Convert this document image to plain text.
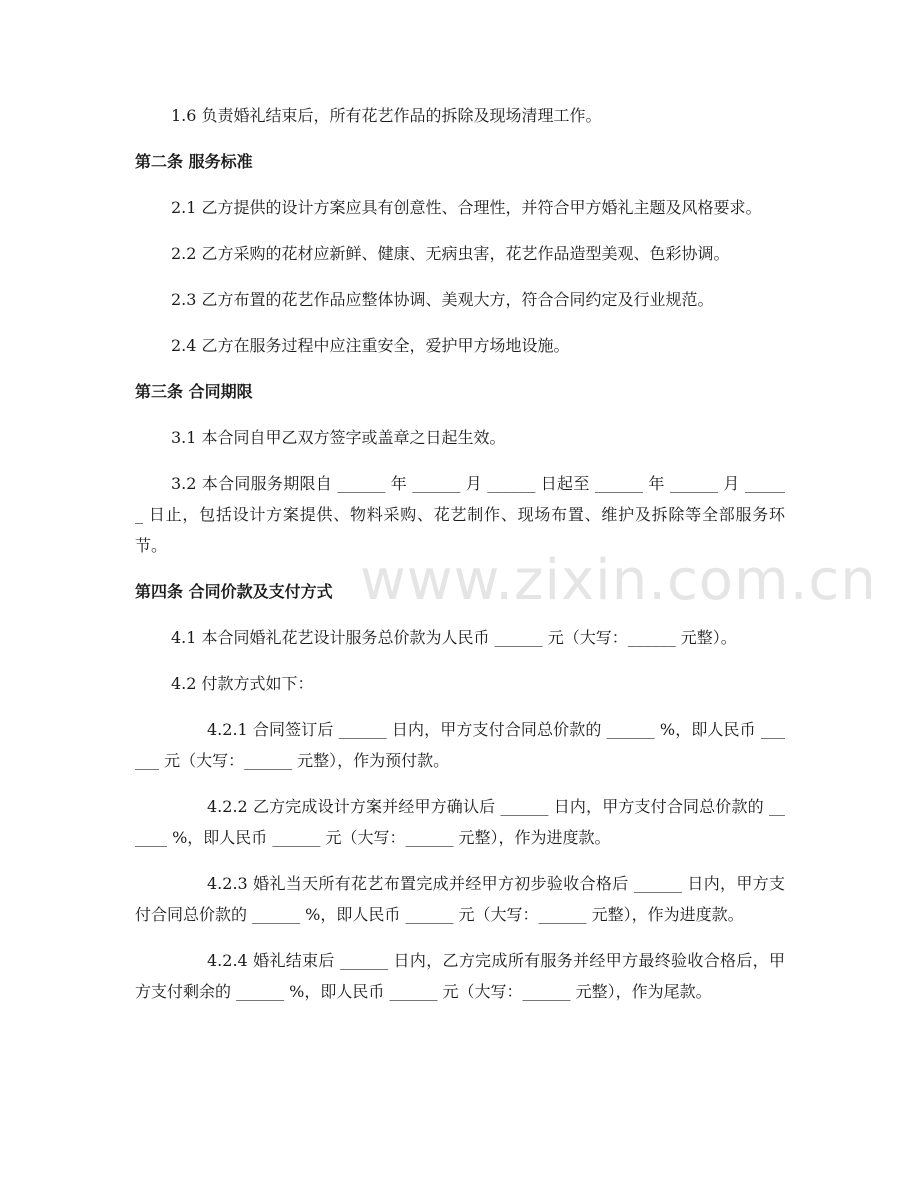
1.6 负责婚礼结束后，所有花艺作品的拆除及现场清理工作。

第二条 服务标准

2.1 乙方提供的设计方案应具有创意性、合理性，并符合甲方婚礼主题及风格要求。

2.2 乙方采购的花材应新鲜、健康、无病虫害，花艺作品造型美观、色彩协调。

2.3 乙方布置的花艺作品应整体协调、美观大方，符合合同约定及行业规范。

2.4 乙方在服务过程中应注重安全，爱护甲方场地设施。

第三条 合同期限

3.1 本合同自甲乙双方签字或盖章之日起生效。

3.2 本合同服务期限自 ______ 年 ______ 月 ______ 日起至 ______ 年 ______ 月 ______ 日止，包括设计方案提供、物料采购、花艺制作、现场布置、维护及拆除等全部服务环节。

第四条 合同价款及支付方式

4.1 本合同婚礼花艺设计服务总价款为人民币 ______ 元（大写：______ 元整）。

4.2 付款方式如下：

4.2.1 合同签订后 ______ 日内，甲方支付合同总价款的 ______ %，即人民币 ______ 元（大写：______ 元整），作为预付款。

4.2.2 乙方完成设计方案并经甲方确认后 ______ 日内，甲方支付合同总价款的 ______ %，即人民币 ______ 元（大写：______ 元整），作为进度款。

4.2.3 婚礼当天所有花艺布置完成并经甲方初步验收合格后 ______ 日内，甲方支付合同总价款的 ______ %，即人民币 ______ 元（大写：______ 元整），作为进度款。

4.2.4 婚礼结束后 ______ 日内，乙方完成所有服务并经甲方最终验收合格后，甲方支付剩余的 ______ %，即人民币 ______ 元（大写：______ 元整），作为尾款。

www.zixin.com.cn
